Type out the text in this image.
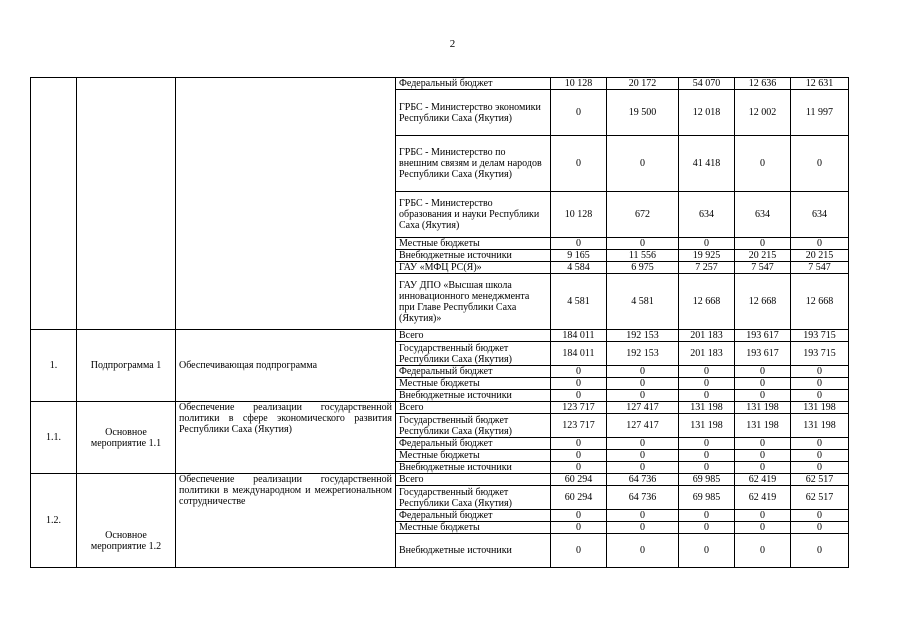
2
			Федеральный бюджет	10 128	20 172	54 070	12 636	12 631
			ГРБС - Министерство экономики Республики Саха (Якутия)	0	19 500	12 018	12 002	11 997
			ГРБС - Министерство по внешним связям и делам народов Республики Саха (Якутия)	0	0	41 418	0	0
			ГРБС - Министерство образования и науки Республики Саха (Якутия)	10 128	672	634	634	634
			Местные бюджеты	0	0	0	0	0
			Внебюджетные источники	9 165	11 556	19 925	20 215	20 215
			ГАУ «МФЦ РС(Я)»	4 584	6 975	7 257	7 547	7 547
			ГАУ ДПО «Высшая школа инновационного менеджмента при Главе Республики Саха (Якутия)»	4 581	4 581	12 668	12 668	12 668
1.	Подпрограмма 1	Обеспечивающая подпрограмма	Всего	184 011	192 153	201 183	193 617	193 715
			Государственный бюджет Республики Саха (Якутия)	184 011	192 153	201 183	193 617	193 715
			Федеральный бюджет	0	0	0	0	0
			Местные бюджеты	0	0	0	0	0
			Внебюджетные источники	0	0	0	0	0
1.1.	Основное мероприятие 1.1	Обеспечение реализации государственной политики в сфере экономического развития Республики Саха (Якутия)	Всего	123 717	127 417	131 198	131 198	131 198
			Государственный бюджет Республики Саха (Якутия)	123 717	127 417	131 198	131 198	131 198
			Федеральный бюджет	0	0	0	0	0
			Местные бюджеты	0	0	0	0	0
			Внебюджетные источники	0	0	0	0	0
1.2.	Основное мероприятие 1.2	Обеспечение реализации государственной политики в международном и межрегиональном сотрудничестве	Всего	60 294	64 736	69 985	62 419	62 517
			Государственный бюджет Республики Саха (Якутия)	60 294	64 736	69 985	62 419	62 517
			Федеральный бюджет	0	0	0	0	0
			Местные бюджеты	0	0	0	0	0
			Внебюджетные источники	0	0	0	0	0
